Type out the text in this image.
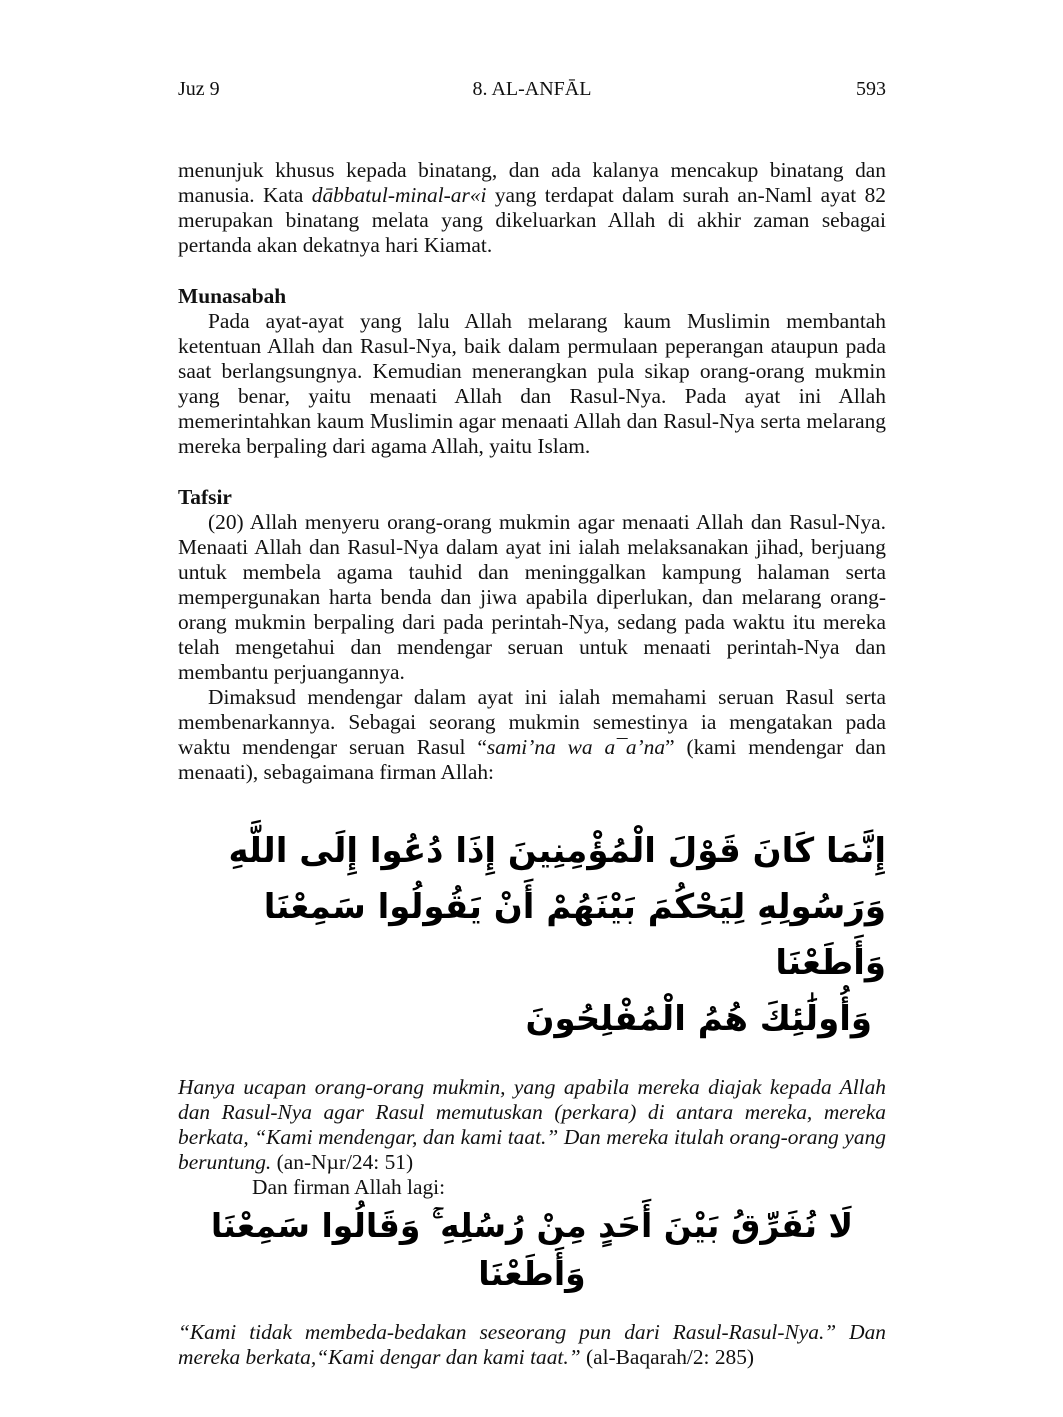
Juz 9	8. AL-ANFĀL	593

menunjuk khusus kepada binatang, dan ada kalanya mencakup binatang dan manusia. Kata dābbatul-minal-ar«i yang terdapat dalam surah an-Naml ayat 82 merupakan binatang melata yang dikeluarkan Allah di akhir zaman sebagai pertanda akan dekatnya hari Kiamat.

Munasabah

Pada ayat-ayat yang lalu Allah melarang kaum Muslimin membantah ketentuan Allah dan Rasul-Nya, baik dalam permulaan peperangan ataupun pada saat berlangsungnya. Kemudian menerangkan pula sikap orang-orang mukmin yang benar, yaitu menaati Allah dan Rasul-Nya. Pada ayat ini Allah memerintahkan kaum Muslimin agar menaati Allah dan Rasul-Nya serta melarang mereka berpaling dari agama Allah, yaitu Islam.

Tafsir

(20) Allah menyeru orang-orang mukmin agar menaati Allah dan Rasul-Nya. Menaati Allah dan Rasul-Nya dalam ayat ini ialah melaksanakan jihad, berjuang untuk membela agama tauhid dan meninggalkan kampung halaman serta mempergunakan harta benda dan jiwa apabila diperlukan, dan melarang orang-orang mukmin berpaling dari pada perintah-Nya, sedang pada waktu itu mereka telah mengetahui dan mendengar seruan untuk menaati perintah-Nya dan membantu perjuangannya.

Dimaksud mendengar dalam ayat ini ialah memahami seruan Rasul serta membenarkannya. Sebagai seorang mukmin semestinya ia mengatakan pada waktu mendengar seruan Rasul “sami’na wa a¯a’na” (kami mendengar dan menaati), sebagaimana firman Allah:

إِنَّمَا كَانَ قَوْلَ الْمُؤْمِنِينَ إِذَا دُعُوا إِلَى اللَّهِ وَرَسُولِهِ لِيَحْكُمَ بَيْنَهُمْ أَنْ يَقُولُوا سَمِعْنَا وَأَطَعْنَا
وَأُولَٰئِكَ هُمُ الْمُفْلِحُونَ

Hanya ucapan orang-orang mukmin, yang apabila mereka diajak kepada Allah dan Rasul-Nya agar Rasul memutuskan (perkara) di antara mereka, mereka berkata, “Kami mendengar, dan kami taat.” Dan mereka itulah orang-orang yang beruntung. (an-Nµr/24: 51)

Dan firman Allah lagi:

لَا نُفَرِّقُ بَيْنَ أَحَدٍ مِنْ رُسُلِهِ ۚ وَقَالُوا سَمِعْنَا وَأَطَعْنَا

“Kami tidak membeda-bedakan seseorang pun dari Rasul-Rasul-Nya.” Dan mereka berkata,“Kami dengar dan kami taat.” (al-Baqarah/2: 285)
